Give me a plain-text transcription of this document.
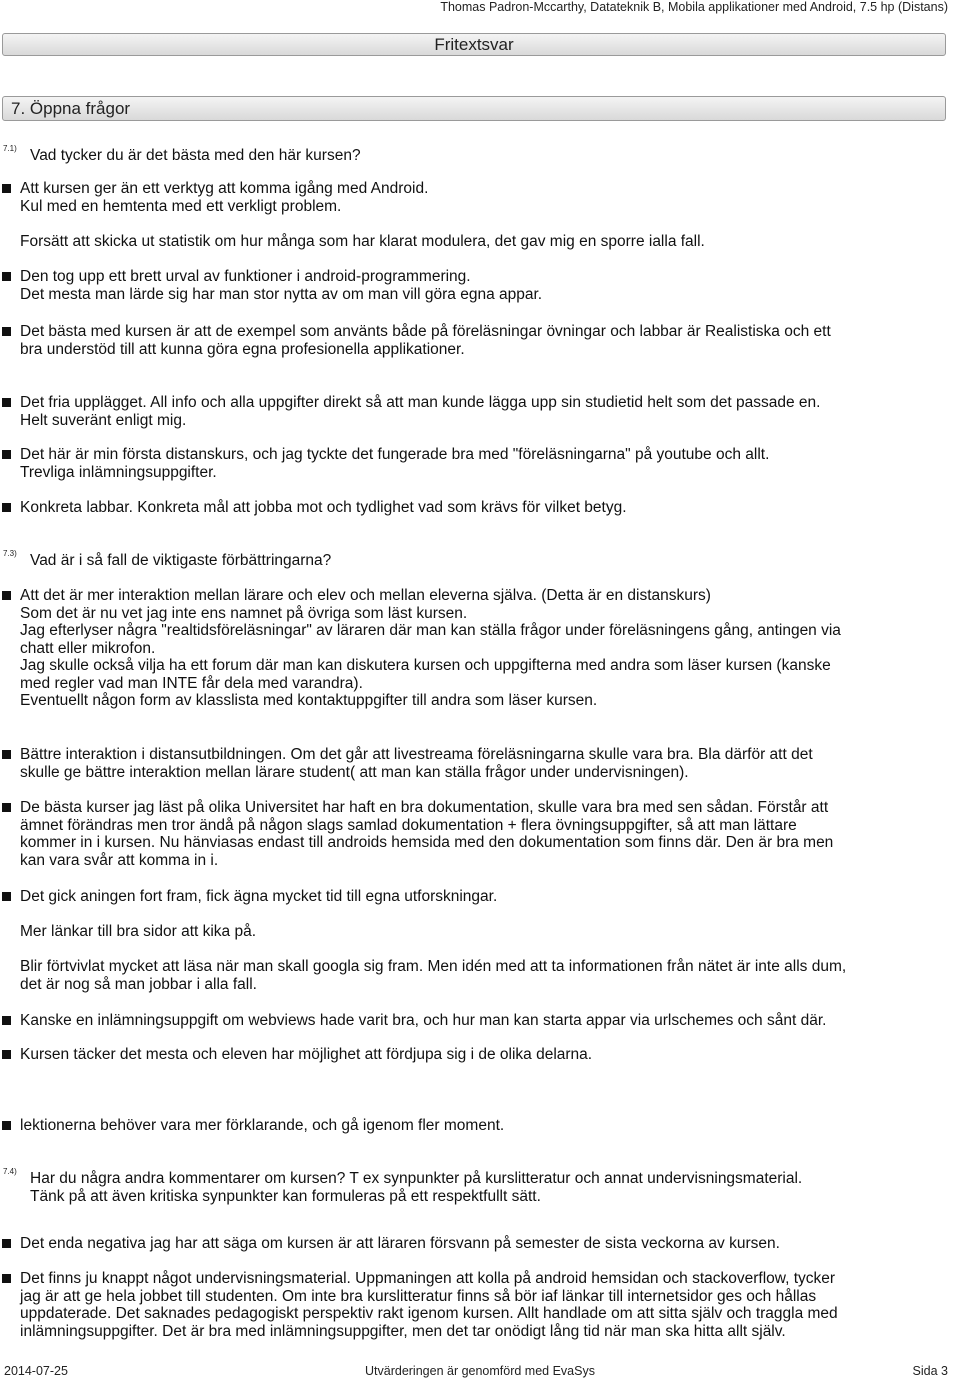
Thomas Padron-Mccarthy, Datateknik B, Mobila applikationer med Android, 7.5 hp (Distans)
Fritextsvar
7. Öppna frågor
7.1) Vad tycker du är det bästa med den här kursen?
Att kursen ger än ett verktyg att komma igång med Android.
Kul med en hemtenta med ett verkligt problem.

Forsätt att skicka ut statistik om hur många som har klarat modulera, det gav mig en sporre ialla fall.
Den tog upp ett brett urval av funktioner i android-programmering.
Det mesta man lärde sig har man stor nytta av om man vill göra egna appar.
Det bästa med kursen är att de exempel som använts både på föreläsningar övningar och labbar är Realistiska och ett
bra understöd till att kunna göra egna profesionella applikationer.
Det fria upplägget. All info och alla uppgifter direkt så att man kunde lägga upp sin studietid helt som det passade en.
Helt suveränt enligt mig.
Det här är min första distanskurs, och jag tyckte det fungerade bra med "föreläsningarna" på youtube och allt.
Trevliga inlämningsuppgifter.
Konkreta labbar. Konkreta mål att jobba mot och tydlighet vad som krävs för vilket betyg.
7.3) Vad är i så fall de viktigaste förbättringarna?
Att det är mer interaktion mellan lärare och elev och mellan eleverna själva. (Detta är en distanskurs)
Som det är nu vet jag inte ens namnet på övriga som läst kursen.
Jag efterlyser några "realtidsföreläsningar" av läraren där man kan ställa frågor under föreläsningens gång, antingen via
chatt eller mikrofon.
Jag skulle också vilja ha ett forum där man kan diskutera kursen och uppgifterna med andra som läser kursen (kanske
med regler vad man INTE får dela med varandra).
Eventuellt någon form av klasslista med kontaktuppgifter till andra som läser kursen.
Bättre interaktion i distansutbildningen. Om det går att livestreama föreläsningarna skulle vara bra. Bla därför att det
skulle ge bättre interaktion mellan lärare student( att man kan ställa frågor under undervisningen).
De bästa kurser jag läst på olika Universitet har haft en bra dokumentation, skulle vara bra med sen sådan. Förstår att
ämnet förändras men tror ändå på någon slags samlad dokumentation + flera övningsuppgifter, så att man lättare
kommer in i kursen. Nu hänviasas endast till androids hemsida med den dokumentation som finns där. Den är bra men
kan vara svår att komma in i.
Det gick aningen fort fram, fick ägna mycket tid till egna utforskningar.

Mer länkar till bra sidor att kika på.

Blir förtvivlat mycket att läsa när man skall googla sig fram. Men idén med att ta informationen från nätet är inte alls dum,
det är nog så man jobbar i alla fall.
Kanske en inlämningsuppgift om webviews hade varit bra, och hur man kan starta appar via urlschemes och sånt där.
Kursen täcker det mesta och eleven har möjlighet att fördjupa sig i de olika delarna.
lektionerna behöver vara mer förklarande, och gå igenom fler moment.
7.4) Har du några andra kommentarer om kursen? T ex synpunkter på kurslitteratur och annat undervisningsmaterial.
Tänk på att även kritiska synpunkter kan formuleras på ett respektfullt sätt.
Det enda negativa jag har att säga om kursen är att läraren försvann på semester de sista veckorna av kursen.
Det finns ju knappt något undervisningsmaterial. Uppmaningen att kolla på android hemsidan och stackoverflow, tycker
jag är att ge hela jobbet till studenten. Om inte bra kurslitteratur finns så bör iaf länkar till internetsidor ges och hållas
uppdaterade. Det saknades pedagogiskt perspektiv rakt igenom kursen. Allt handlade om att sitta själv och traggla med
inlämningsuppgifter. Det är bra med inlämningsuppgifter, men det tar onödigt lång tid när man ska hitta allt själv.
2014-07-25	Utvärderingen är genomförd med EvaSys	Sida 3
